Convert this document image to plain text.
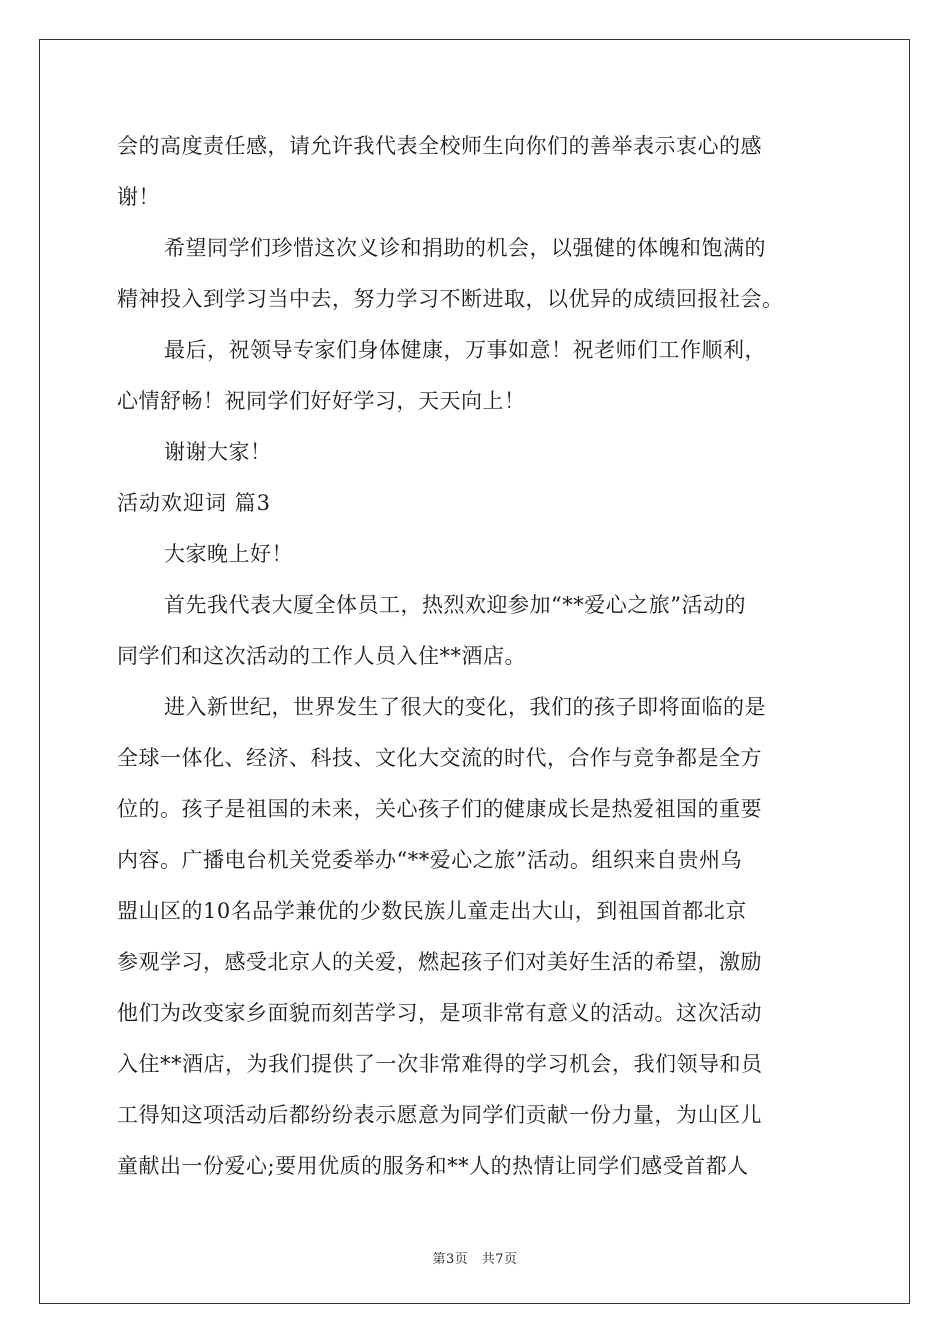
会的高度责任感，请允许我代表全校师生向你们的善举表示衷心的感
谢！
希望同学们珍惜这次义诊和捐助的机会，以强健的体魄和饱满的
精神投入到学习当中去，努力学习不断进取，以优异的成绩回报社会。
最后，祝领导专家们身体健康，万事如意！祝老师们工作顺利，
心情舒畅！祝同学们好好学习，天天向上！
谢谢大家！
活动欢迎词 篇3
大家晚上好！
首先我代表大厦全体员工，热烈欢迎参加“**爱心之旅”活动的
同学们和这次活动的工作人员入住**酒店。
进入新世纪，世界发生了很大的变化，我们的孩子即将面临的是
全球一体化、经济、科技、文化大交流的时代，合作与竞争都是全方
位的。孩子是祖国的未来，关心孩子们的健康成长是热爱祖国的重要
内容。广播电台机关党委举办“**爱心之旅”活动。组织来自贵州乌
盟山区的10名品学兼优的少数民族儿童走出大山，到祖国首都北京
参观学习，感受北京人的关爱，燃起孩子们对美好生活的希望，激励
他们为改变家乡面貌而刻苦学习，是项非常有意义的活动。这次活动
入住**酒店，为我们提供了一次非常难得的学习机会，我们领导和员
工得知这项活动后都纷纷表示愿意为同学们贡献一份力量，为山区儿
童献出一份爱心;要用优质的服务和**人的热情让同学们感受首都人
第3页　共7页
